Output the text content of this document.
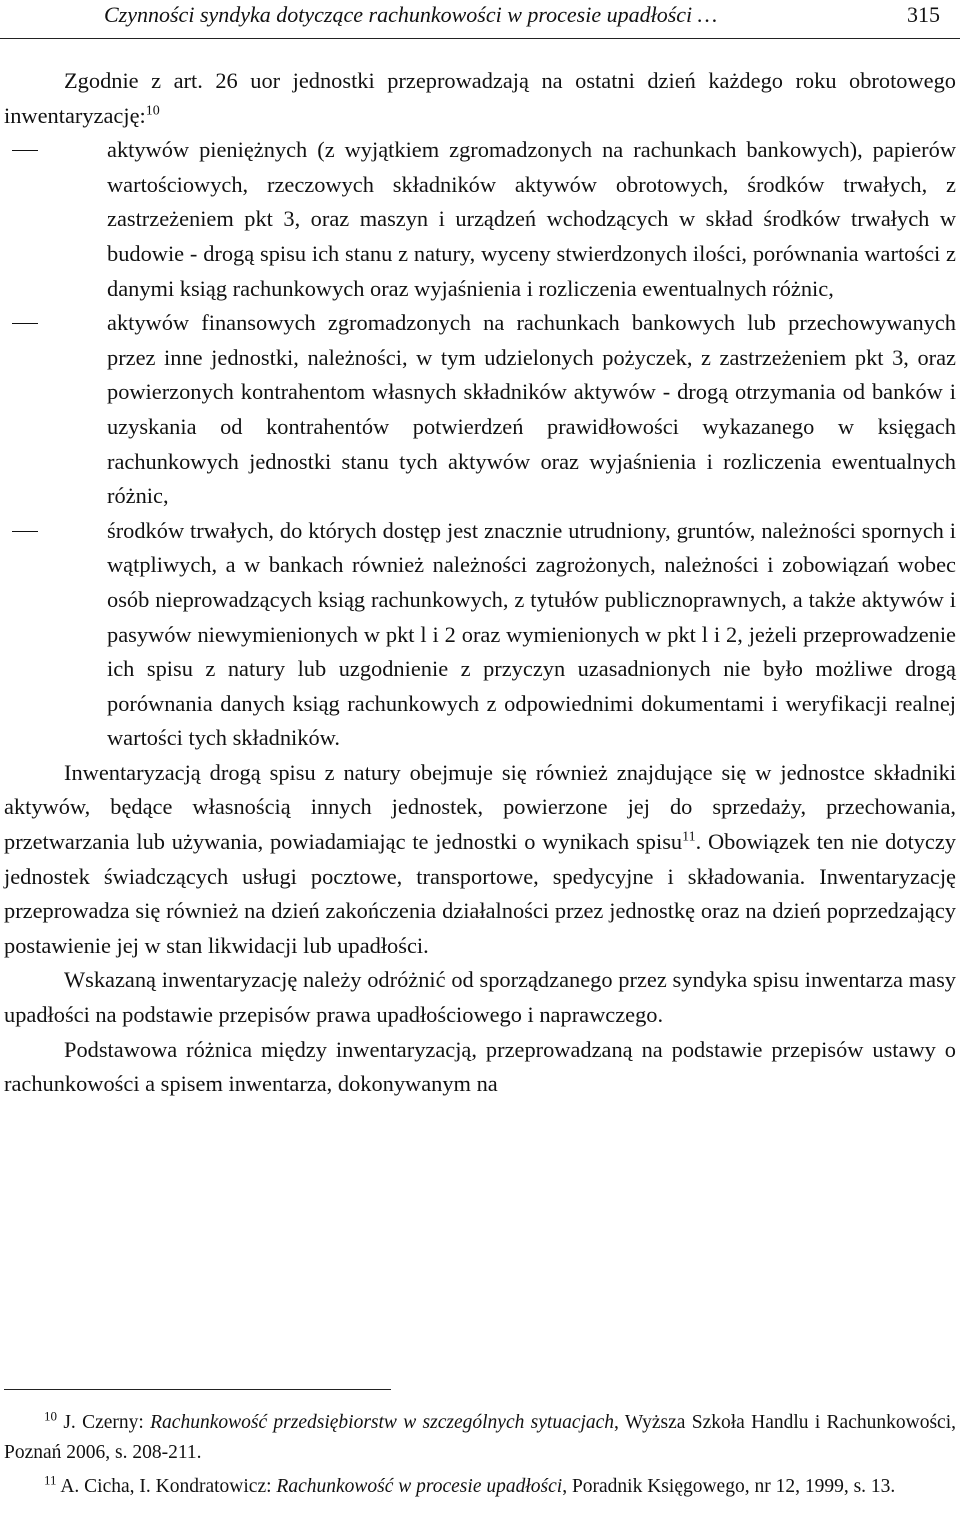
Czynności syndyka dotyczące rachunkowości w procesie upadłości …	315

Zgodnie z art. 26 uor jednostki przeprowadzają na ostatni dzień każdego roku obrotowego inwentaryzację:$^{10}$

aktywów pieniężnych (z wyjątkiem zgromadzonych na rachunkach bankowych), papierów wartościowych, rzeczowych składników aktywów obrotowych, środków trwałych, z zastrzeżeniem pkt 3, oraz maszyn i urządzeń wchodzących w skład środków trwałych w budowie - drogą spisu ich stanu z natury, wyceny stwierdzonych ilości, porównania wartości z danymi ksiąg rachunkowych oraz wyjaśnienia i rozliczenia ewentualnych różnic,
aktywów finansowych zgromadzonych na rachunkach bankowych lub przechowywanych przez inne jednostki, należności, w tym udzielonych pożyczek, z zastrzeżeniem pkt 3, oraz powierzonych kontrahentom własnych składników aktywów - drogą otrzymania od banków i uzyskania od kontrahentów potwierdzeń prawidłowości wykazanego w księgach rachunkowych jednostki stanu tych aktywów oraz wyjaśnienia i rozliczenia ewentualnych różnic,
środków trwałych, do których dostęp jest znacznie utrudniony, gruntów, należności spornych i wątpliwych, a w bankach również należności zagrożonych, należności i zobowiązań wobec osób nieprowadzących ksiąg rachunkowych, z tytułów publicznoprawnych, a także aktywów i pasywów niewymienionych w pkt l i 2 oraz wymienionych w pkt l i 2, jeżeli przeprowadzenie ich spisu z natury lub uzgodnienie z przyczyn uzasadnionych nie było możliwe drogą porównania danych ksiąg rachunkowych z odpowiednimi dokumentami i weryfikacji realnej wartości tych składników.

Inwentaryzacją drogą spisu z natury obejmuje się również znajdujące się w jednostce składniki aktywów, będące własnością innych jednostek, powierzone jej do sprzedaży, przechowania, przetwarzania lub używania, powiadamiając te jednostki o wynikach spisu$^{11}$. Obowiązek ten nie dotyczy jednostek świadczących usługi pocztowe, transportowe, spedycyjne i składowania. Inwentaryzację przeprowadza się również na dzień zakończenia działalności przez jednostkę oraz na dzień poprzedzający postawienie jej w stan likwidacji lub upadłości.

Wskazaną inwentaryzację należy odróżnić od sporządzanego przez syndyka spisu inwentarza masy upadłości na podstawie przepisów prawa upadłościowego i naprawczego.

Podstawowa różnica między inwentaryzacją, przeprowadzaną na podstawie przepisów ustawy o rachunkowości a spisem inwentarza, dokonywanym na

$^{10}$ J. Czerny: Rachunkowość przedsiębiorstw w szczególnych sytuacjach, Wyższa Szkoła Handlu i Rachunkowości, Poznań 2006, s. 208-211.

$^{11}$ A. Cicha, I. Kondratowicz: Rachunkowość w procesie upadłości, Poradnik Księgowego, nr 12, 1999, s. 13.
